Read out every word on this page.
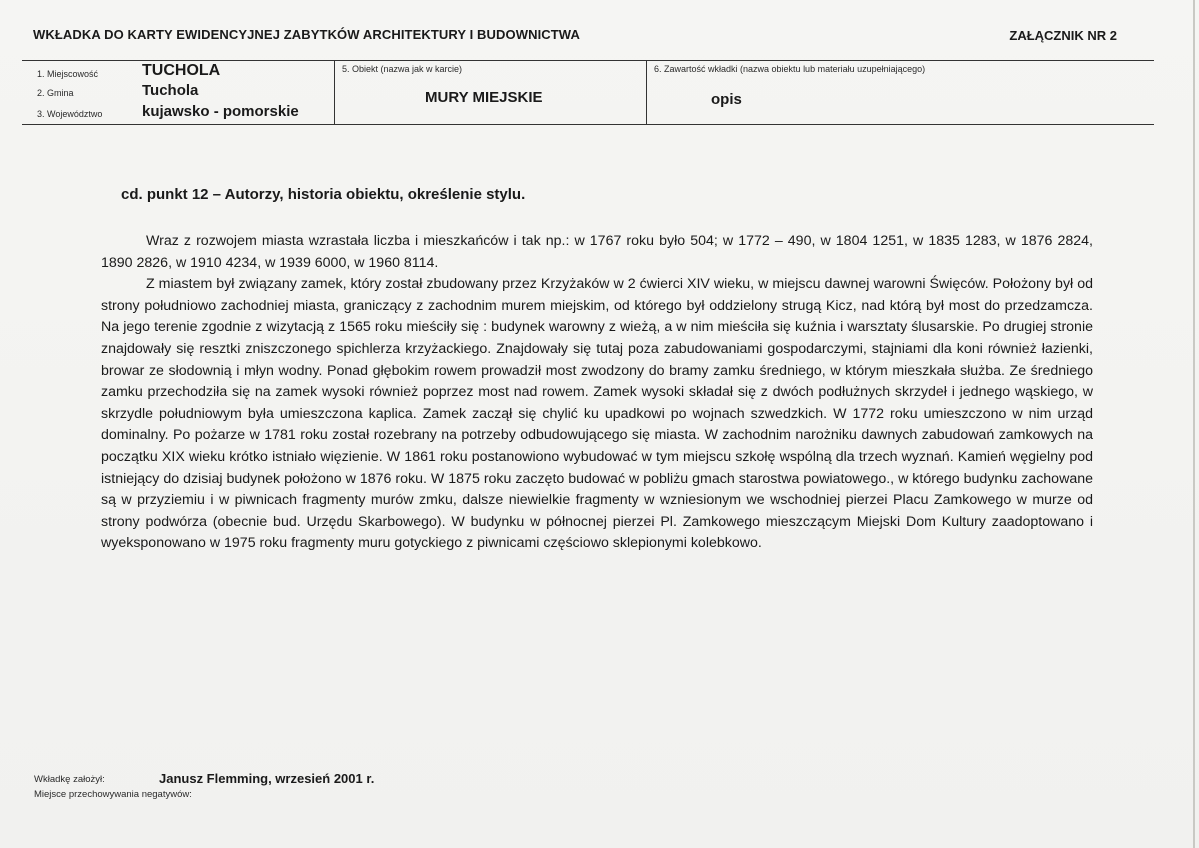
WKŁADKA DO KARTY EWIDENCYJNEJ ZABYTKÓW ARCHITEKTURY I BUDOWNICTWA	ZAŁĄCZNIK NR 2
1. Miejscowość	TUCHOLA
2. Gmina	Tuchola
3. Województwo	kujawsko - pomorskie
5. Obiekt (nazwa jak w karcie)
MURY MIEJSKIE
6. Zawartość wkładki (nazwa obiektu lub materiału uzupełniającego)
opis
cd. punkt 12 – Autorzy, historia obiektu, określenie stylu.

Wraz z rozwojem miasta wzrastała liczba i mieszkańców i tak np.: w 1767 roku było 504; w 1772 – 490, w 1804 1251, w 1835 1283, w 1876 2824, 1890 2826, w 1910 4234, w 1939 6000, w 1960 8114.

Z miastem był związany zamek, który został zbudowany przez Krzyżaków w 2 ćwierci XIV wieku, w miejscu dawnej warowni Święców. Położony był od strony południowo zachodniej miasta, graniczący z zachodnim murem miejskim, od którego był oddzielony strugą Kicz, nad którą był most do przedzamcza. Na jego terenie zgodnie z wizytacją z 1565 roku mieściły się : budynek warowny z wieżą, a w nim mieściła się kuźnia i warsztaty ślusarskie. Po drugiej stronie znajdowały się resztki zniszczonego spichlerza krzyżackiego. Znajdowały się tutaj poza zabudowaniami gospodarczymi, stajniami dla koni również łazienki, browar ze słodownią i młyn wodny. Ponad głębokim rowem prowadził most zwodzony do bramy zamku średniego, w którym mieszkała służba. Ze średniego zamku przechodziła się na zamek wysoki również poprzez most nad rowem. Zamek wysoki składał się z dwóch podłużnych skrzydeł i jednego wąskiego, w skrzydle południowym była umieszczona kaplica. Zamek zaczął się chylić ku upadkowi po wojnach szwedzkich. W 1772 roku umieszczono w nim urząd dominalny. Po pożarze w 1781 roku został rozebrany na potrzeby odbudowującego się miasta. W zachodnim narożniku dawnych zabudowań zamkowych na początku XIX wieku krótko istniało więzienie. W 1861 roku postanowiono wybudować w tym miejscu szkołę wspólną dla trzech wyznań. Kamień węgielny pod istniejący do dzisiaj budynek położono w 1876 roku. W 1875 roku zaczęto budować w pobliżu gmach starostwa powiatowego., w którego budynku zachowane są w przyziemiu i w piwnicach fragmenty murów zmku, dalsze niewielkie fragmenty w wzniesionym we wschodniej pierzei Placu Zamkowego w murze od strony podwórza (obecnie bud. Urzędu Skarbowego). W budynku w północnej pierzei Pl. Zamkowego mieszczącym Miejski Dom Kultury zaadoptowano i wyeksponowano w 1975 roku fragmenty muru gotyckiego z piwnicami częściowo sklepionymi kolebkowo.

Wkładkę założył:	Janusz Flemming, wrzesień 2001 r.
Miejsce przechowywania negatywów:
